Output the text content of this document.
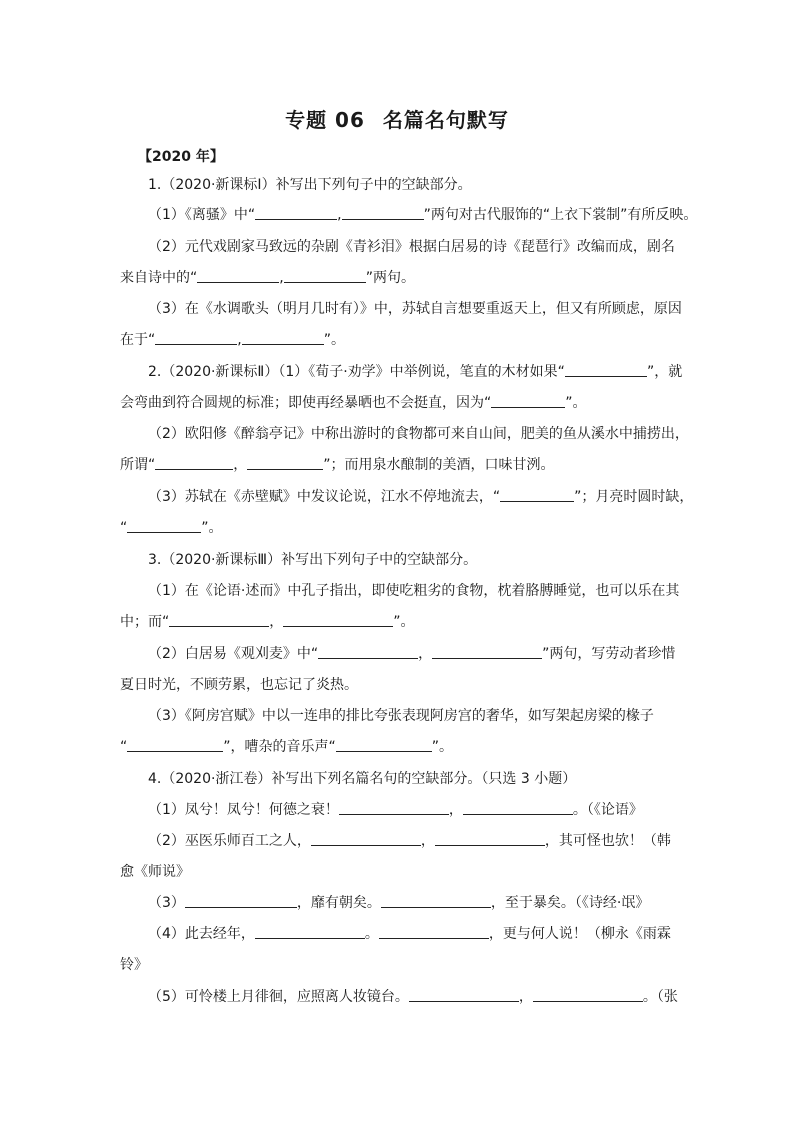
专题 06 名篇名句默写
【2020 年】
1.（2020·新课标Ⅰ）补写出下列句子中的空缺部分。
（1）《离骚》中“	,	”两句对古代服饰的“上衣下裳制”有所反映。
（2）元代戏剧家马致远的杂剧《青衫泪》根据白居易的诗《琵琶行》改编而成，剧名
来自诗中的“	,	”两句。
（3）在《水调歌头（明月几时有）》中，苏轼自言想要重返天上，但又有所顾虑，原因
在于“	,	”。
2.（2020·新课标Ⅱ）（1）《荀子·劝学》中举例说，笔直的木材如果“	”，就
会弯曲到符合圆规的标准；即使再经暴晒也不会挺直，因为“	”。
（2）欧阳修《醉翁亭记》中称出游时的食物都可来自山间，肥美的鱼从溪水中捕捞出，
所谓“	，	”；而用泉水酿制的美酒，口味甘洌。
（3）苏轼在《赤壁赋》中发议论说，江水不停地流去，“	”；月亮时圆时缺，
“	”。
3.（2020·新课标Ⅲ）补写出下列句子中的空缺部分。
（1）在《论语·述而》中孔子指出，即使吃粗劣的食物，枕着胳膊睡觉，也可以乐在其
中；而“	，	”。
（2）白居易《观刈麦》中“	，	”两句，写劳动者珍惜
夏日时光，不顾劳累，也忘记了炎热。
（3）《阿房宫赋》中以一连串的排比夸张表现阿房宫的奢华，如写架起房梁的椽子
“	”，嘈杂的音乐声“	”。
4.（2020·浙江卷）补写出下列名篇名句的空缺部分。（只选 3 小题）
（1）凤兮！凤兮！何德之衰！	，	。（《论语》
（2）巫医乐师百工之人，	，	，其可怪也欤！（韩
愈《师说》
（3）	，靡有朝矣。	，至于暴矣。（《诗经·氓》
（4）此去经年，	。	，更与何人说！（柳永《雨霖
铃》
（5）可怜楼上月徘徊，应照离人妆镜台。	，	。（张
